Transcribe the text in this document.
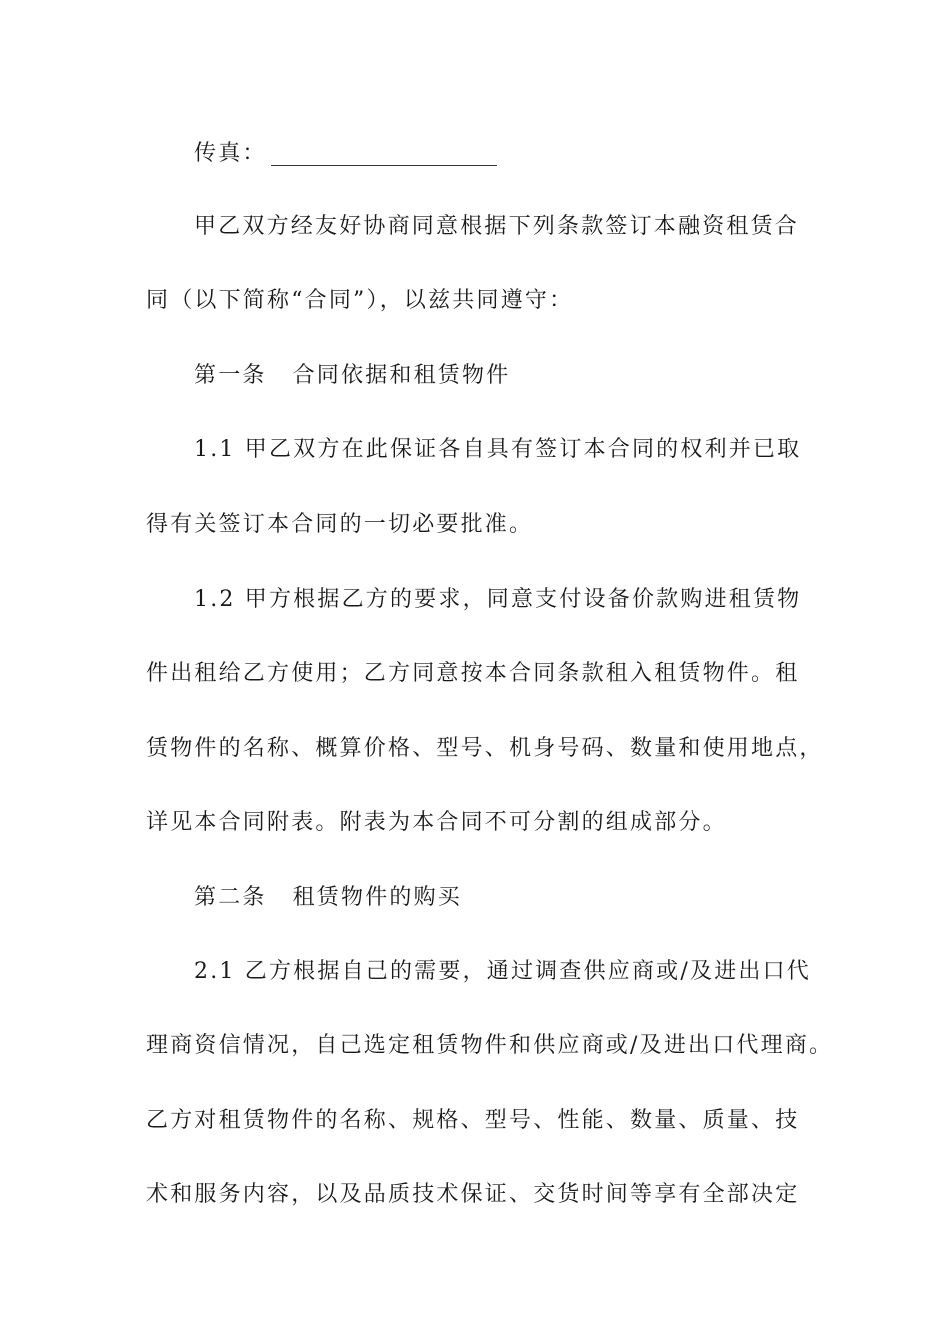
传真：
甲乙双方经友好协商同意根据下列条款签订本融资租赁合
同（以下简称“合同”），以兹共同遵守：
第一条 合同依据和租赁物件
1.1 甲乙双方在此保证各自具有签订本合同的权利并已取
得有关签订本合同的一切必要批准。
1.2 甲方根据乙方的要求，同意支付设备价款购进租赁物
件出租给乙方使用；乙方同意按本合同条款租入租赁物件。租
赁物件的名称、概算价格、型号、机身号码、数量和使用地点，
详见本合同附表。附表为本合同不可分割的组成部分。
第二条 租赁物件的购买
2.1 乙方根据自己的需要，通过调查供应商或/及进出口代
理商资信情况，自己选定租赁物件和供应商或/及进出口代理商。
乙方对租赁物件的名称、规格、型号、性能、数量、质量、技
术和服务内容，以及品质技术保证、交货时间等享有全部决定
